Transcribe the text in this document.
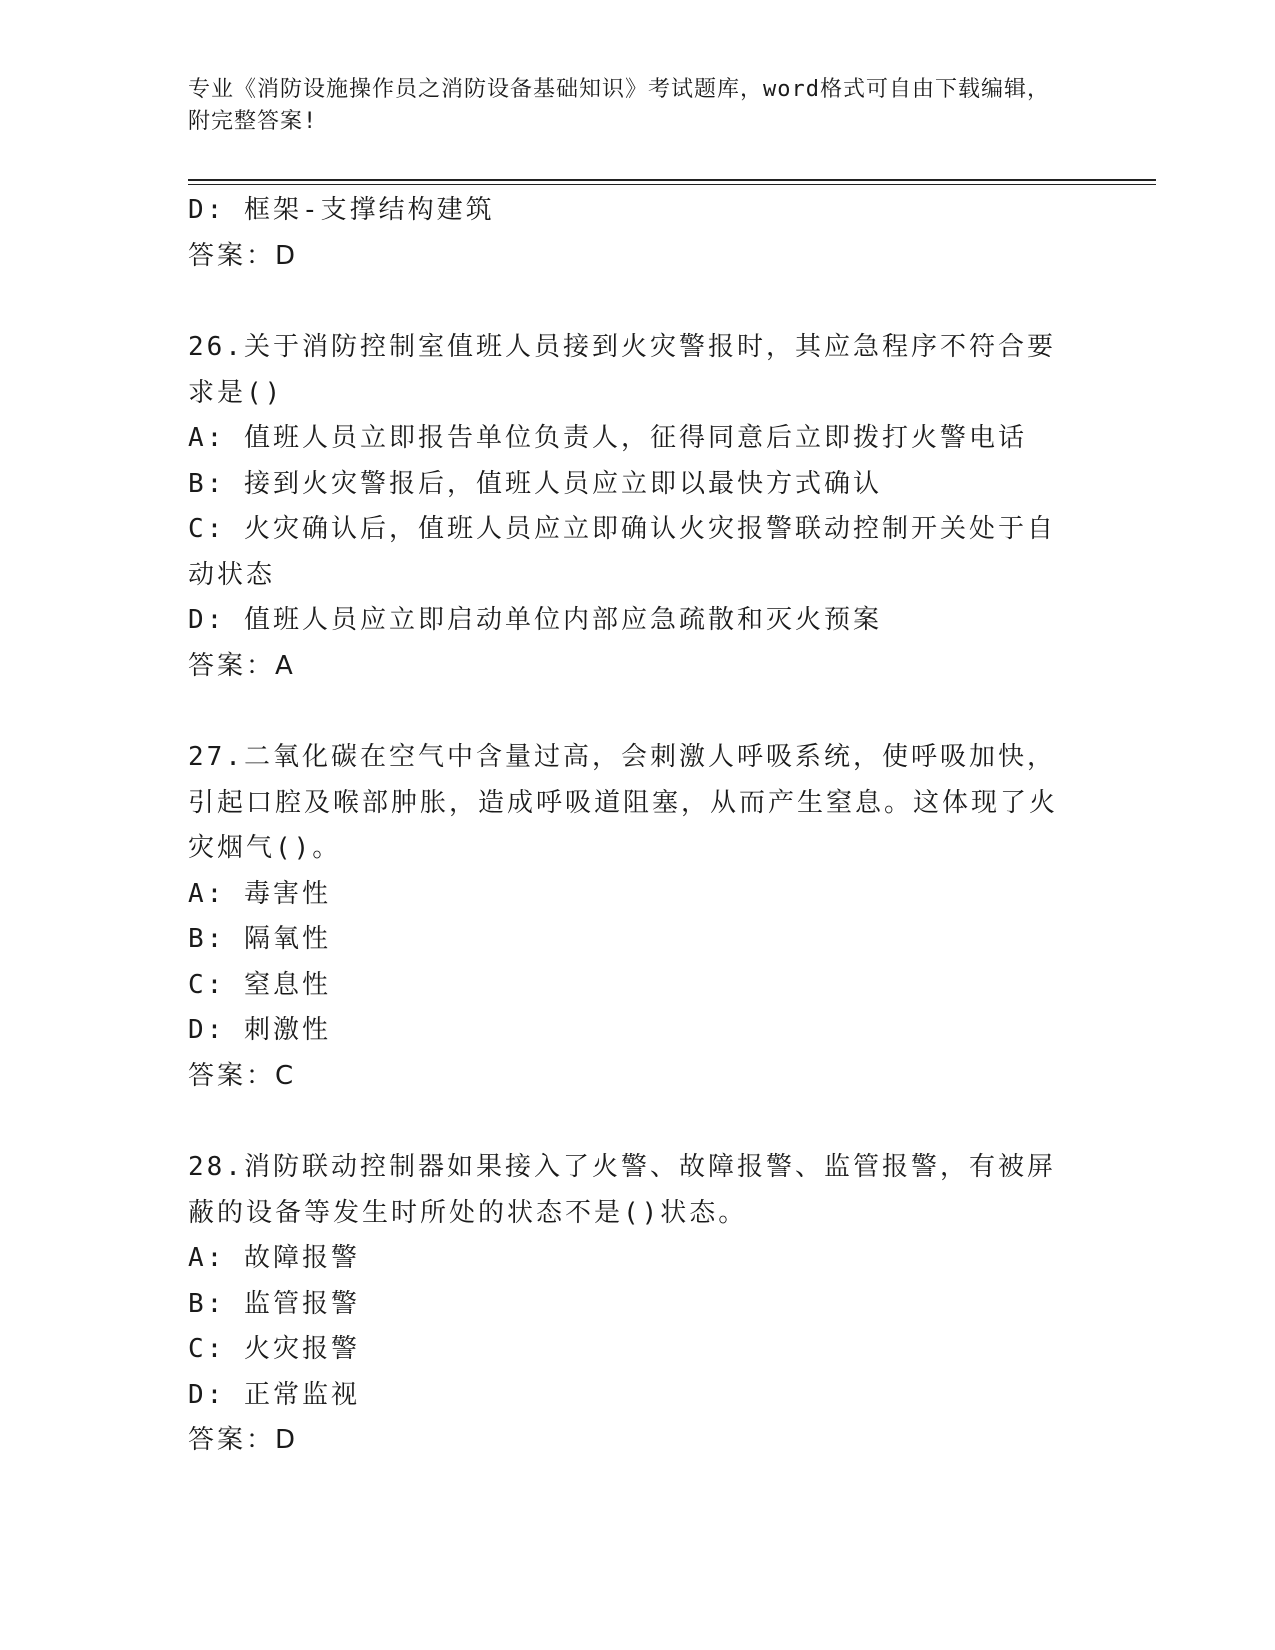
专业《消防设施操作员之消防设备基础知识》考试题库，word格式可自由下载编辑，附完整答案!
D: 框架-支撑结构建筑
答案：D
26.关于消防控制室值班人员接到火灾警报时，其应急程序不符合要求是()
A: 值班人员立即报告单位负责人，征得同意后立即拨打火警电话
B: 接到火灾警报后，值班人员应立即以最快方式确认
C: 火灾确认后，值班人员应立即确认火灾报警联动控制开关处于自动状态
D: 值班人员应立即启动单位内部应急疏散和灭火预案
答案：A
27.二氧化碳在空气中含量过高，会刺激人呼吸系统，使呼吸加快，引起口腔及喉部肿胀，造成呼吸道阻塞，从而产生窒息。这体现了火灾烟气()。
A: 毒害性
B: 隔氧性
C: 窒息性
D: 刺激性
答案：C
28.消防联动控制器如果接入了火警、故障报警、监管报警，有被屏蔽的设备等发生时所处的状态不是()状态。
A: 故障报警
B: 监管报警
C: 火灾报警
D: 正常监视
答案：D
